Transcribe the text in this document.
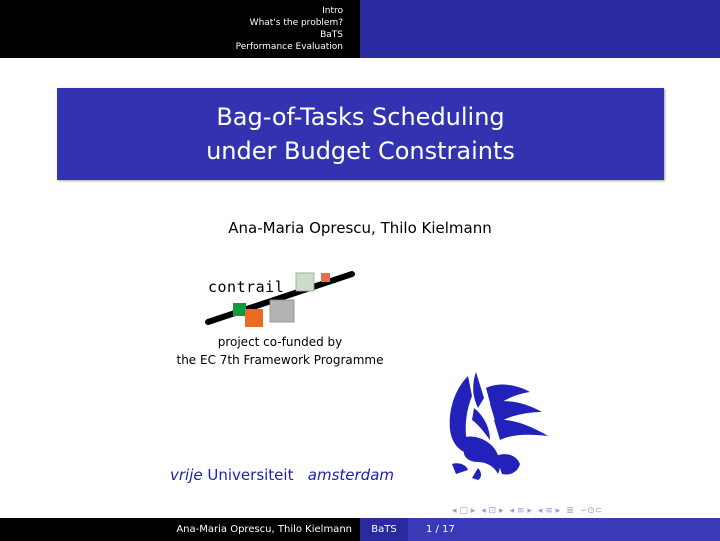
Intro
What's the problem?
BaTS
Performance Evaluation
Bag-of-Tasks Scheduling
under Budget Constraints
Ana-Maria Oprescu, Thilo Kielmann
contrail
project co-funded by
the EC 7th Framework Programme
vrije Universiteit amsterdam
◂ □ ▸ ◂ ⊡ ▸ ◂ ≡ ▸ ◂ ≡ ▸ ≣ ∽⊙⊂
Ana-Maria Oprescu, Thilo Kielmann	BaTS	1 / 17
